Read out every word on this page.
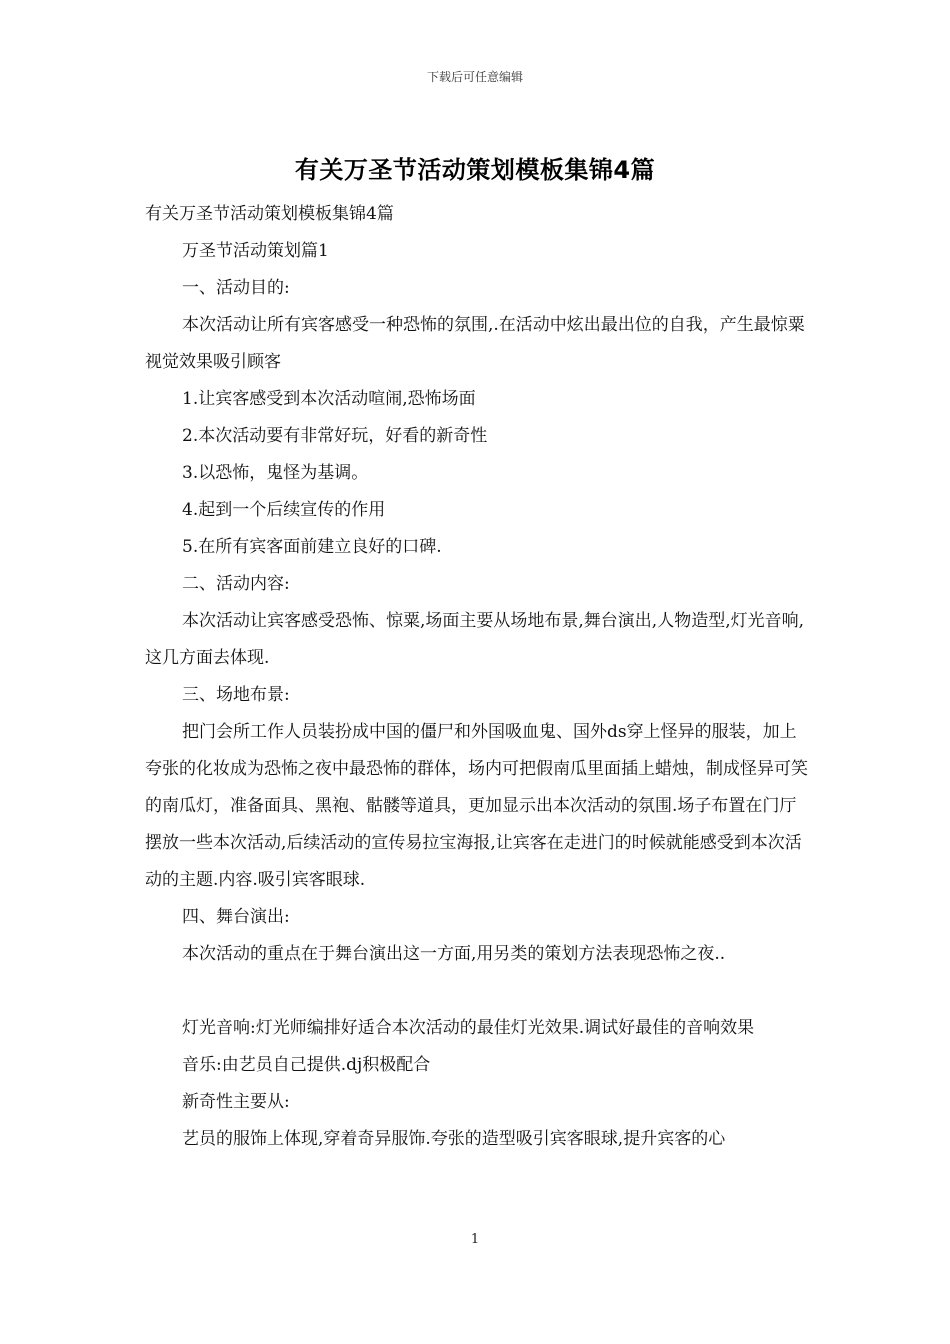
下载后可任意编辑
有关万圣节活动策划模板集锦4篇

有关万圣节活动策划模板集锦4篇

万圣节活动策划篇1

一、活动目的:

本次活动让所有宾客感受一种恐怖的氛围,.在活动中炫出最出位的自我，产生最惊粟视觉效果吸引顾客

1.让宾客感受到本次活动喧闹,恐怖场面

2.本次活动要有非常好玩，好看的新奇性

3.以恐怖，鬼怪为基调。

4.起到一个后续宣传的作用

5.在所有宾客面前建立良好的口碑.

二、活动内容:

本次活动让宾客感受恐怖、惊粟,场面主要从场地布景,舞台演出,人物造型,灯光音响,这几方面去体现.

三、场地布景:

把门会所工作人员装扮成中国的僵尸和外国吸血鬼、国外ds穿上怪异的服装，加上夸张的化妆成为恐怖之夜中最恐怖的群体，场内可把假南瓜里面插上蜡烛，制成怪异可笑的南瓜灯，准备面具、黑袍、骷髅等道具，更加显示出本次活动的氛围.场子布置在门厅摆放一些本次活动,后续活动的宣传易拉宝海报,让宾客在走进门的时候就能感受到本次活动的主题.内容.吸引宾客眼球.

四、舞台演出:

本次活动的重点在于舞台演出这一方面,用另类的策划方法表现恐怖之夜..

灯光音响:灯光师编排好适合本次活动的最佳灯光效果.调试好最佳的音响效果

音乐:由艺员自己提供.dj积极配合

新奇性主要从:

艺员的服饰上体现,穿着奇异服饰.夸张的造型吸引宾客眼球,提升宾客的心

1
